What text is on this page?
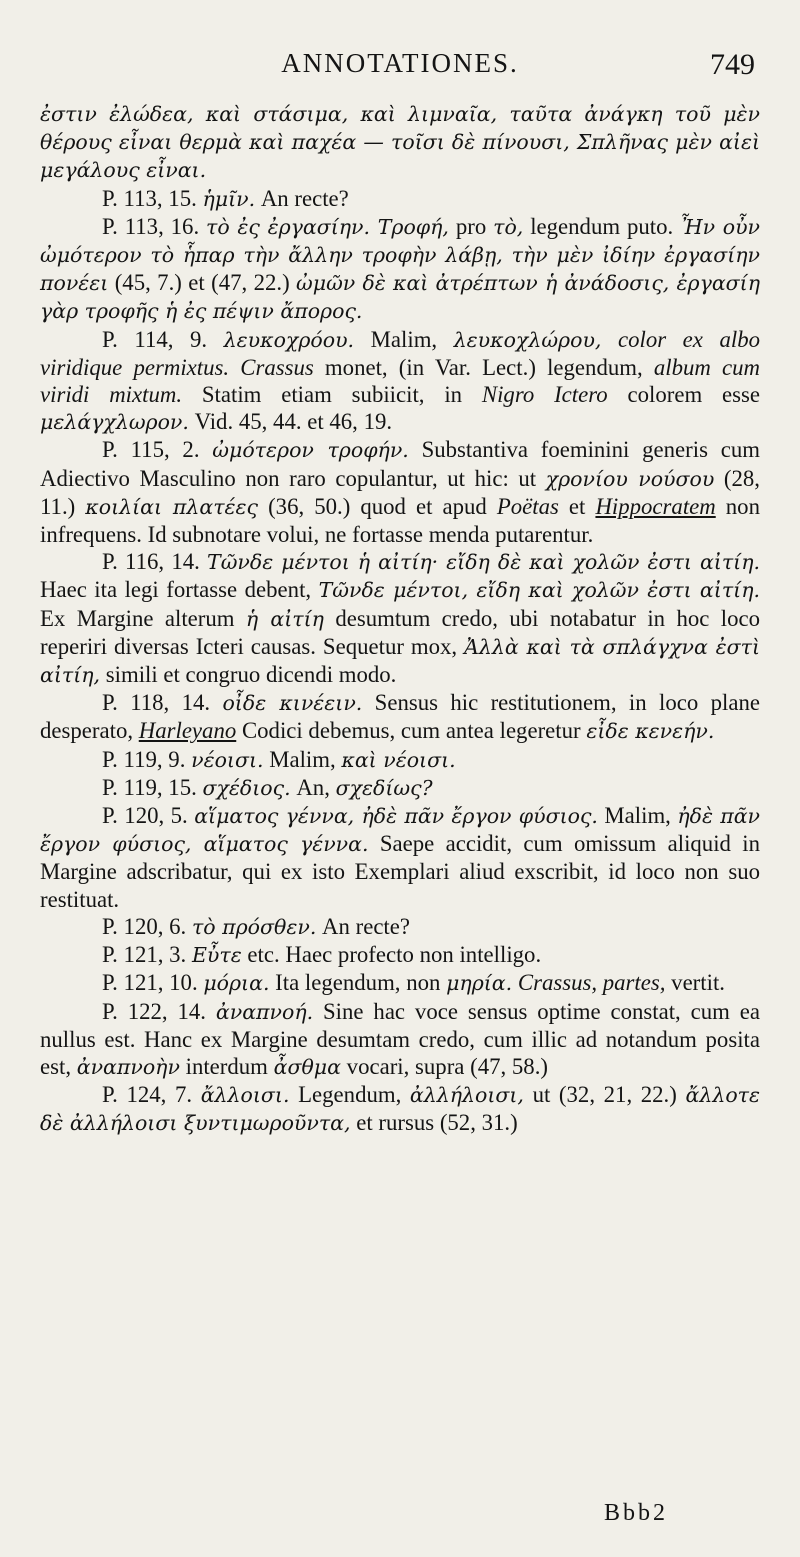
ANNOTATIONES.	749

ἐστιν ἐλώδεα, καὶ στάσιμα, καὶ λιμναῖα, ταῦτα ἀνάγκη τοῦ μὲν θέρους εἶναι θερμὰ καὶ παχέα — τοῖσι δὲ πίνουσι, Σπλῆνας μὲν αἰεὶ μεγάλους εἶναι.

P. 113, 15. ἡμῖν. An recte?

P. 113, 16. τὸ ἐς ἐργασίην. Τροφή, pro τὸ, legendum puto. Ἦν οὖν ὠμότερον τὸ ἧπαρ τὴν ἄλλην τροφὴν λάβῃ, τὴν μὲν ἰδίην ἐργασίην πονέει (45, 7.) et (47, 22.) ὠμῶν δὲ καὶ ἀτρέπτων ἡ ἀνάδοσις, ἐργασίη γὰρ τροφῆς ἡ ἐς πέψιν ἄπορος.

P. 114, 9. λευκοχρόου. Malim, λευκοχλώρου, color ex albo viridique permixtus. Crassus monet, (in Var. Lect.) legendum, album cum viridi mixtum. Statim etiam subiicit, in Nigro Ictero colorem esse μελάγχλωρον. Vid. 45, 44. et 46, 19.

P. 115, 2. ὠμότερον τροφήν. Substantiva foeminini generis cum Adiectivo Masculino non raro copulantur, ut hic: ut χρονίου νούσου (28, 11.) κοιλίαι πλατέες (36, 50.) quod et apud Poëtas et Hippocratem non infrequens. Id subnotare volui, ne fortasse menda putarentur.

P. 116, 14. Τῶνδε μέντοι ἡ αἰτίη· εἴδη δὲ καὶ χολῶν ἐστι αἰτίη. Haec ita legi fortasse debent, Τῶνδε μέντοι, εἴδη καὶ χολῶν ἐστι αἰτίη. Ex Margine alterum ἡ αἰτίη desumtum credo, ubi notabatur in hoc loco reperiri diversas Icteri causas. Sequetur mox, Ἀλλὰ καὶ τὰ σπλάγχνα ἐστὶ αἰτίη, simili et congruo dicendi modo.

P. 118, 14. οἶδε κινέειν. Sensus hic restitutionem, in loco plane desperato, Harleyano Codici debemus, cum antea legeretur εἶδε κενεήν.

P. 119, 9. νέοισι. Malim, καὶ νέοισι.

P. 119, 15. σχέδιος. An, σχεδίως?

P. 120, 5. αἵματος γέννα, ἠδὲ πᾶν ἔργον φύσιος. Malim, ἠδὲ πᾶν ἔργον φύσιος, αἵματος γέννα. Saepe accidit, cum omissum aliquid in Margine adscribatur, qui ex isto Exemplari aliud exscribit, id loco non suo restituat.

P. 120, 6. τὸ πρόσθεν. An recte?

P. 121, 3. Εὖτε etc. Haec profecto non intelligo.

P. 121, 10. μόρια. Ita legendum, non μηρία. Crassus, partes, vertit.

P. 122, 14. ἀναπνοή. Sine hac voce sensus optime constat, cum ea nullus est. Hanc ex Margine desumtam credo, cum illic ad notandum posita est, ἀναπνοὴν interdum ἆσθμα vocari, supra (47, 58.)

P. 124, 7. ἄλλοισι. Legendum, ἀλλήλοισι, ut (32, 21, 22.) ἄλλοτε δὲ ἀλλήλοισι ξυντιμωροῦντα, et rursus (52, 31.)

Bbb2
